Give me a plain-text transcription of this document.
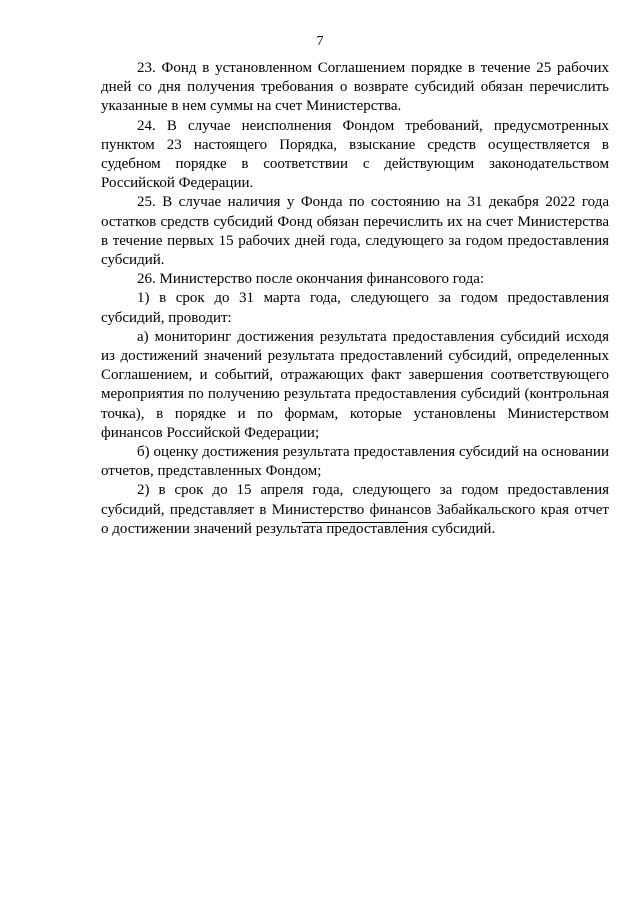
7

23. Фонд в установленном Соглашением порядке в течение 25 рабочих дней со дня получения требования о возврате субсидий обязан перечислить указанные в нем суммы на счет Министерства.

24. В случае неисполнения Фондом требований, предусмотренных пунктом 23 настоящего Порядка, взыскание средств осуществляется в судебном порядке в соответствии с действующим законодательством Российской Федерации.

25. В случае наличия у Фонда по состоянию на 31 декабря 2022 года остатков средств субсидий Фонд обязан перечислить их на счет Министерства в течение первых 15 рабочих дней года, следующего за годом предоставления субсидий.

26. Министерство после окончания финансового года:

1) в срок до 31 марта года, следующего за годом предоставления субсидий, проводит:

а) мониторинг достижения результата предоставления субсидий исходя из достижений значений результата предоставлений субсидий, определенных Соглашением, и событий, отражающих факт завершения соответствующего мероприятия по получению результата предоставления субсидий (контрольная точка), в порядке и по формам, которые установлены Министерством финансов Российской Федерации;

б) оценку достижения результата предоставления субсидий на основании отчетов, представленных Фондом;

2) в срок до 15 апреля года, следующего за годом предоставления субсидий, представляет в Министерство финансов Забайкальского края отчет о достижении значений результата предоставления субсидий.
